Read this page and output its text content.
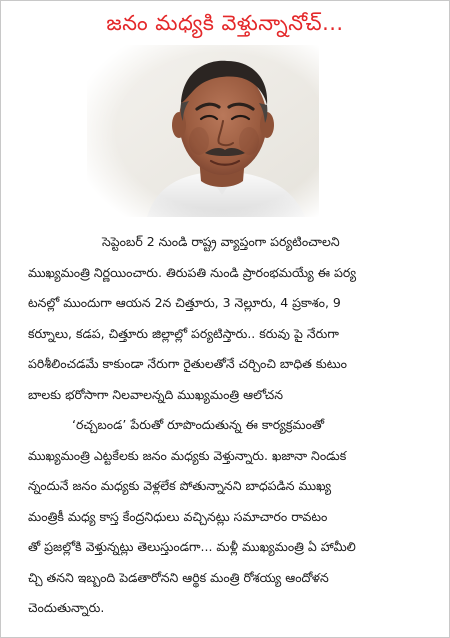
జనం మధ్యకి వెళ్తున్నానోచ్...
సెప్టెంబర్ 2 నుండి రాష్ట్ర వ్యాప్తంగా పర్యటించాలని
ముఖ్యమంత్రి నిర్ణయించారు. తిరుపతి నుండి ప్రారంభమయ్యే ఈ పర్య
టనల్లో ముందుగా ఆయన 2న చిత్తూరు, 3 నెల్లూరు, 4 ప్రకాశం, 9
కర్నూలు, కడప, చిత్తూరు జిల్లాల్లో పర్యటిస్తారు.. కరువు పై నేరుగా
పరిశీలించడమే కాకుండా నేరుగా రైతులతోనే చర్చించి బాధిత కుటుం
బాలకు భరోసాగా నిలవాలన్నది ముఖ్యమంత్రి ఆలోచన
‘రచ్చబండ’ పేరుతో రూపొందుతున్న ఈ కార్యక్రమంతో
ముఖ్యమంత్రి ఎట్టకేలకు జనం మధ్యకు వెళ్తున్నారు. ఖజానా నిండుక
న్నందునే జనం మధ్యకు వెళ్లలేక పోతున్నానని బాధపడిన ముఖ్య
మంత్రికీ మధ్య కాస్త కేంద్రనిధులు వచ్చినట్లు సమాచారం రావటం
తో ప్రజల్లోకి వెళ్తున్నట్లు తెలుస్తుండగా... మళ్లీ ముఖ్యమంత్రి ఏ హామీలి
చ్చి తనని ఇబ్బంది పెడతారోనని ఆర్థిక మంత్రి రోశయ్య ఆందోళన
చెందుతున్నారు.
